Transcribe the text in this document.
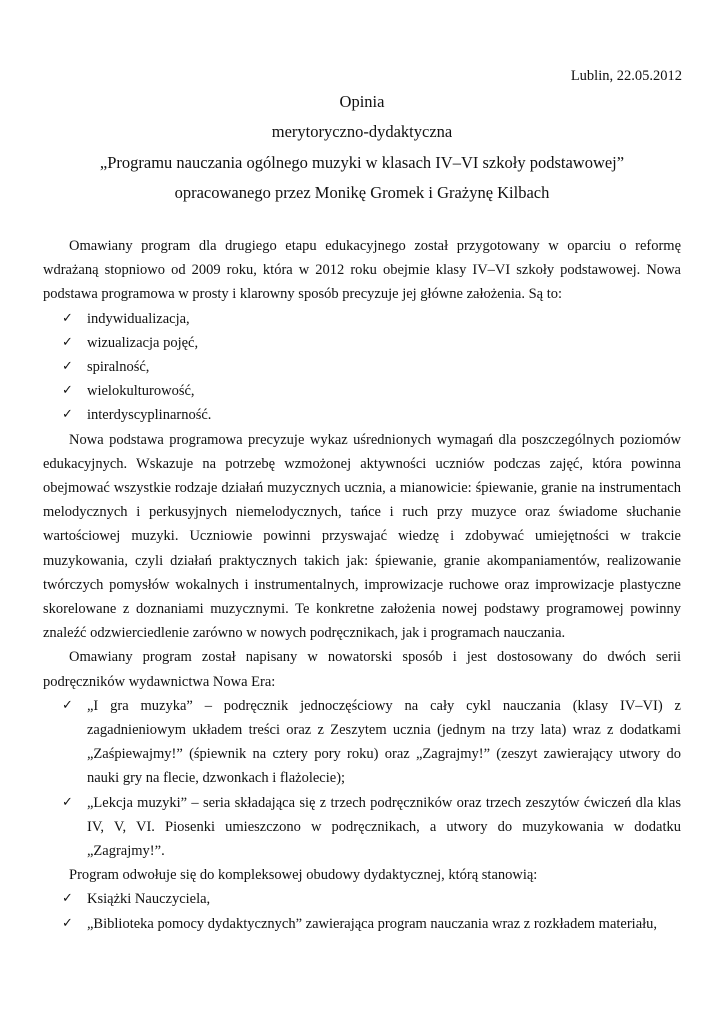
Lublin, 22.05.2012
Opinia
merytoryczno-dydaktyczna
„Programu nauczania ogólnego muzyki w klasach IV–VI szkoły podstawowej”
opracowanego przez Monikę Gromek i Grażynę Kilbach

Omawiany program dla drugiego etapu edukacyjnego został przygotowany w oparciu o reformę wdrażaną stopniowo od 2009 roku, która w 2012 roku obejmie klasy IV–VI szkoły podstawowej. Nowa podstawa programowa w prosty i klarowny sposób precyzuje jej główne założenia. Są to:

✓ indywidualizacja,
✓ wizualizacja pojęć,
✓ spiralność,
✓ wielokulturowość,
✓ interdyscyplinarność.

Nowa podstawa programowa precyzuje wykaz uśrednionych wymagań dla poszczególnych poziomów edukacyjnych. Wskazuje na potrzebę wzmożonej aktywności uczniów podczas zajęć, która powinna obejmować wszystkie rodzaje działań muzycznych ucznia, a mianowicie: śpiewanie, granie na instrumentach melodycznych i perkusyjnych niemelodycznych, tańce i ruch przy muzyce oraz świadome słuchanie wartościowej muzyki. Uczniowie powinni przyswajać wiedzę i zdobywać umiejętności w trakcie muzykowania, czyli działań praktycznych takich jak: śpiewanie, granie akompaniamentów, realizowanie twórczych pomysłów wokalnych i instrumentalnych, improwizacje ruchowe oraz improwizacje plastyczne skorelowane z doznaniami muzycznymi. Te konkretne założenia nowej podstawy programowej powinny znaleźć odzwierciedlenie zarówno w nowych podręcznikach, jak i programach nauczania.

Omawiany program został napisany w nowatorski sposób i jest dostosowany do dwóch serii podręczników wydawnictwa Nowa Era:

✓ „I gra muzyka” – podręcznik jednoczęściowy na cały cykl nauczania (klasy IV–VI) z zagadnieniowym układem treści oraz z Zeszytem ucznia (jednym na trzy lata) wraz z dodatkami „Zaśpiewajmy!” (śpiewnik na cztery pory roku) oraz „Zagrajmy!” (zeszyt zawierający utwory do nauki gry na flecie, dzwonkach i flażolecie);
✓ „Lekcja muzyki” – seria składająca się z trzech podręczników oraz trzech zeszytów ćwiczeń dla klas IV, V, VI. Piosenki umieszczono w podręcznikach, a utwory do muzykowania w dodatku „Zagrajmy!”.

Program odwołuje się do kompleksowej obudowy dydaktycznej, którą stanowią:

✓ Książki Nauczyciela,
✓ „Biblioteka pomocy dydaktycznych” zawierająca program nauczania wraz z rozkładem materiału,
